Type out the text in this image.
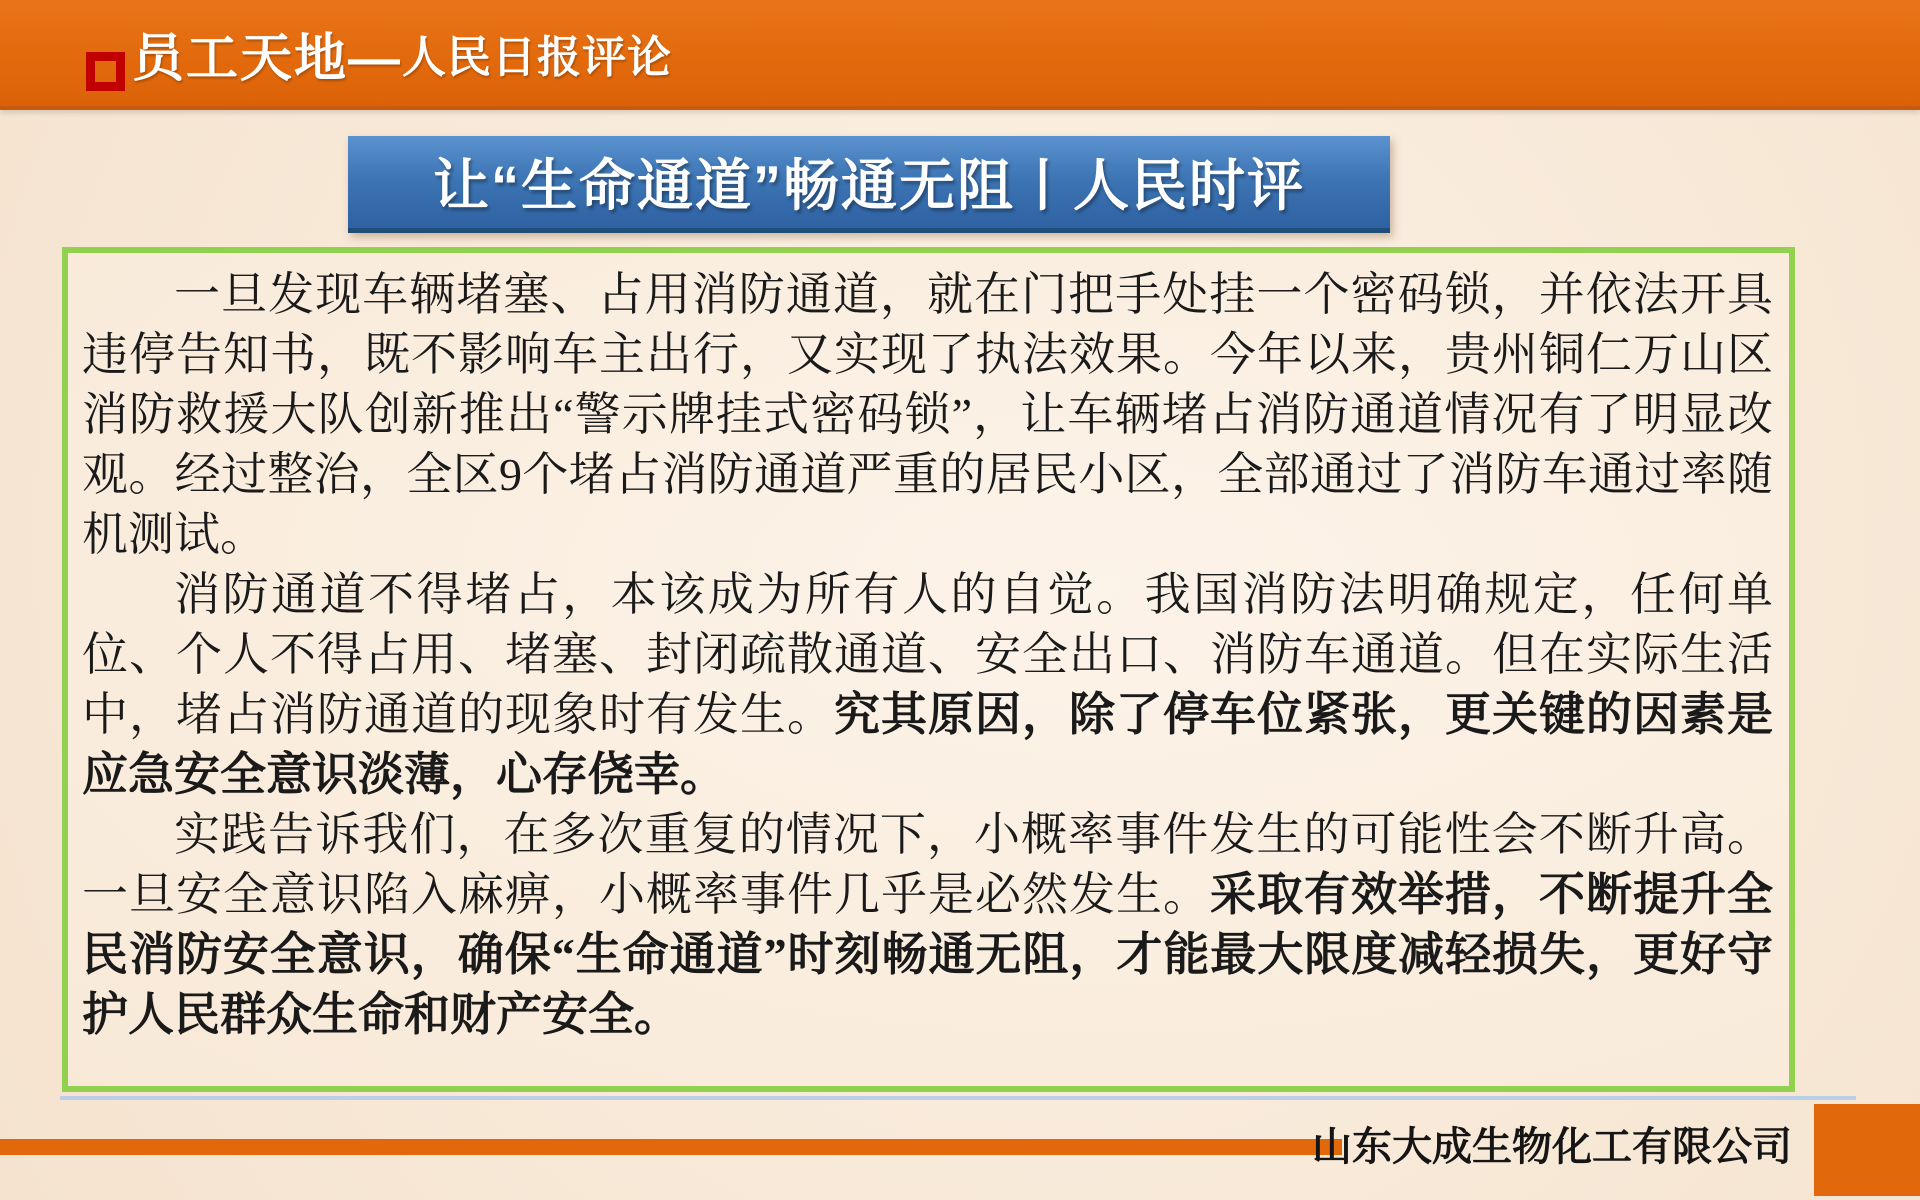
员工天地— 人民日报评论
让“生命通道”畅通无阻丨人民时评

一旦发现车辆堵塞、占用消防通道，就在门把手处挂一个密码锁，并依法开具违停告知书，既不影响车主出行，又实现了执法效果。今年以来，贵州铜仁万山区消防救援大队创新推出“警示牌挂式密码锁”，让车辆堵占消防通道情况有了明显改观。经过整治，全区9个堵占消防通道严重的居民小区，全部通过了消防车通过率随机测试。

消防通道不得堵占，本该成为所有人的自觉。我国消防法明确规定，任何单位、个人不得占用、堵塞、封闭疏散通道、安全出口、消防车通道。但在实际生活中，堵占消防通道的现象时有发生。究其原因，除了停车位紧张，更关键的因素是应急安全意识淡薄，心存侥幸。

实践告诉我们，在多次重复的情况下，小概率事件发生的可能性会不断升高。一旦安全意识陷入麻痹，小概率事件几乎是必然发生。采取有效举措，不断提升全民消防安全意识，确保“生命通道”时刻畅通无阻，才能最大限度减轻损失，更好守护人民群众生命和财产安全。

山东大成生物化工有限公司
